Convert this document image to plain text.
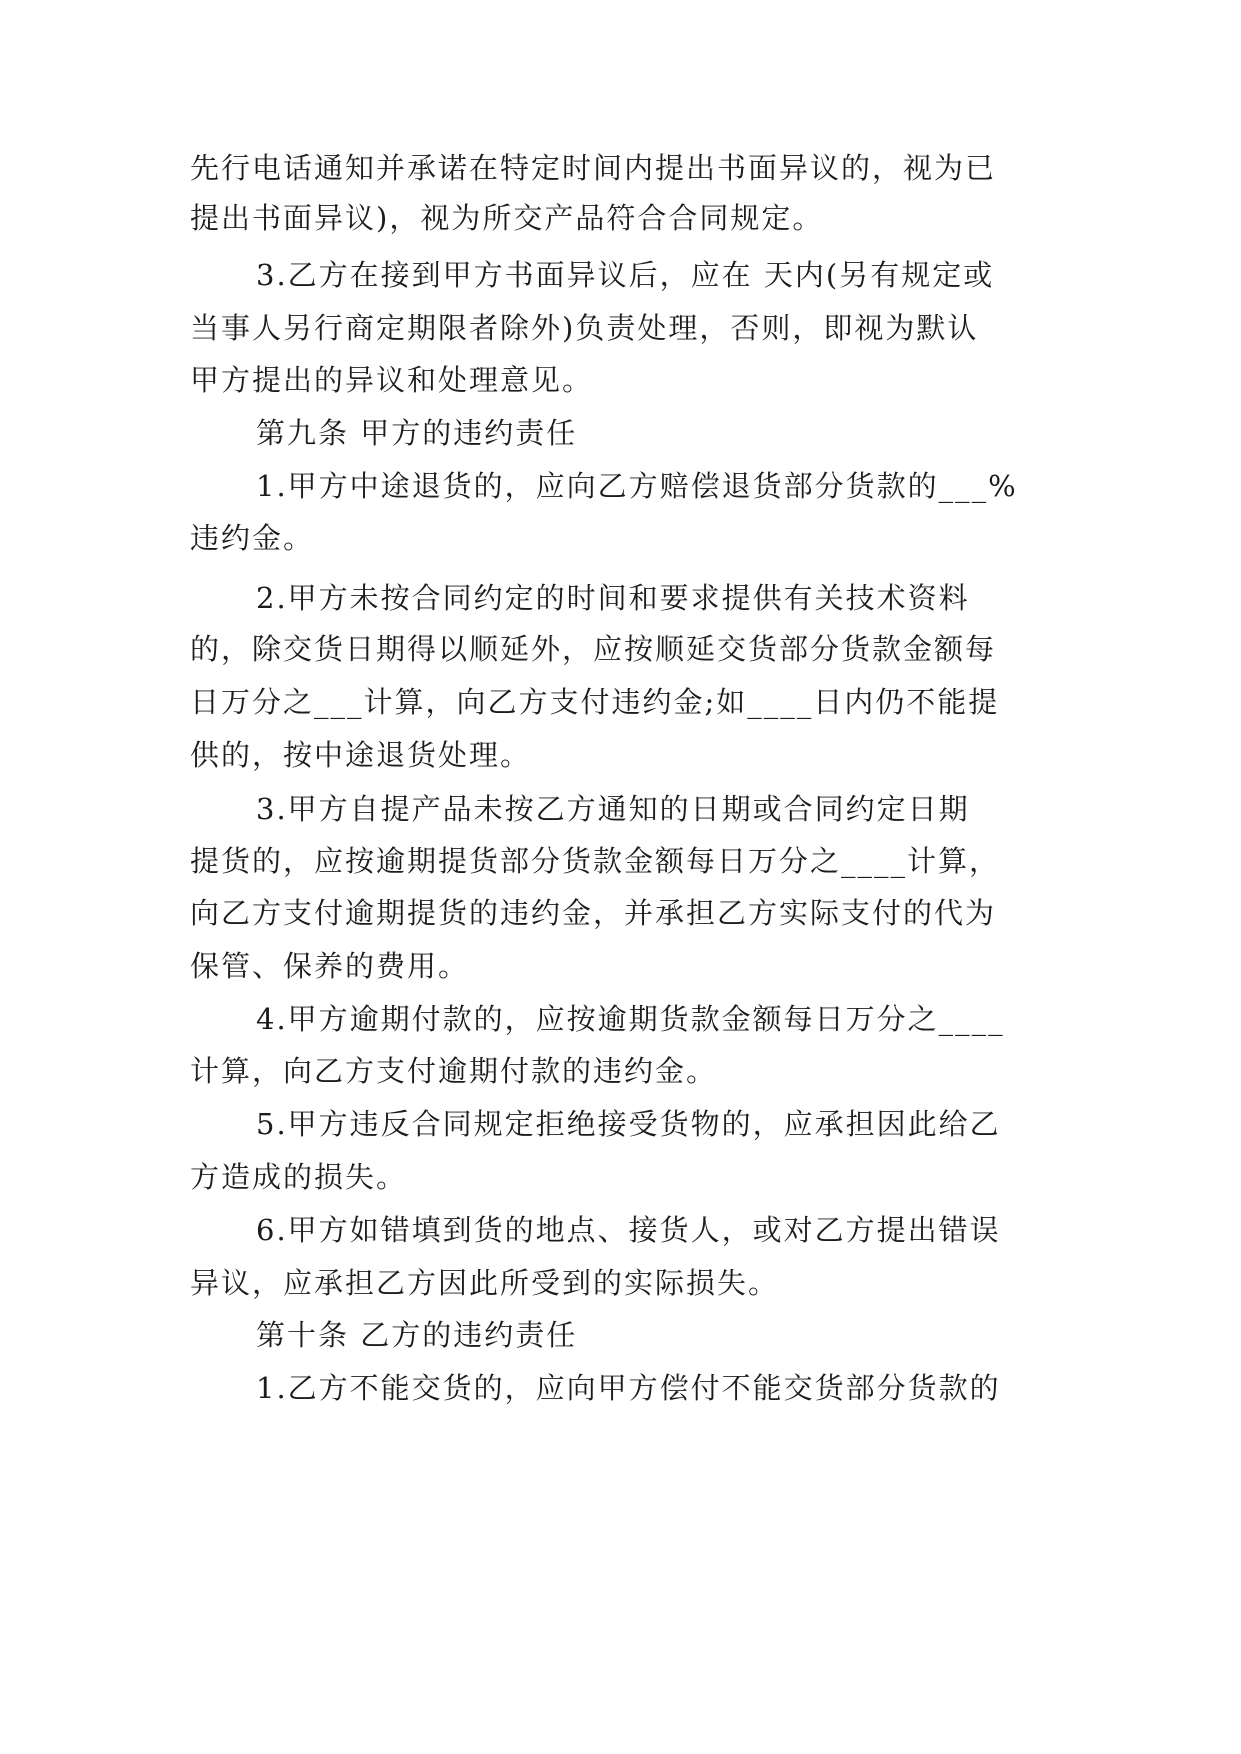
先行电话通知并承诺在特定时间内提出书面异议的，视为已
提出书面异议)，视为所交产品符合合同规定。
3.乙方在接到甲方书面异议后，应在 天内(另有规定或
当事人另行商定期限者除外)负责处理，否则，即视为默认
甲方提出的异议和处理意见。
第九条 甲方的违约责任
1.甲方中途退货的，应向乙方赔偿退货部分货款的___%
违约金。
2.甲方未按合同约定的时间和要求提供有关技术资料
的，除交货日期得以顺延外，应按顺延交货部分货款金额每
日万分之___计算，向乙方支付违约金;如____日内仍不能提
供的，按中途退货处理。
3.甲方自提产品未按乙方通知的日期或合同约定日期
提货的，应按逾期提货部分货款金额每日万分之____计算，
向乙方支付逾期提货的违约金，并承担乙方实际支付的代为
保管、保养的费用。
4.甲方逾期付款的，应按逾期货款金额每日万分之____
计算，向乙方支付逾期付款的违约金。
5.甲方违反合同规定拒绝接受货物的，应承担因此给乙
方造成的损失。
6.甲方如错填到货的地点、接货人，或对乙方提出错误
异议，应承担乙方因此所受到的实际损失。
第十条 乙方的违约责任
1.乙方不能交货的，应向甲方偿付不能交货部分货款的
